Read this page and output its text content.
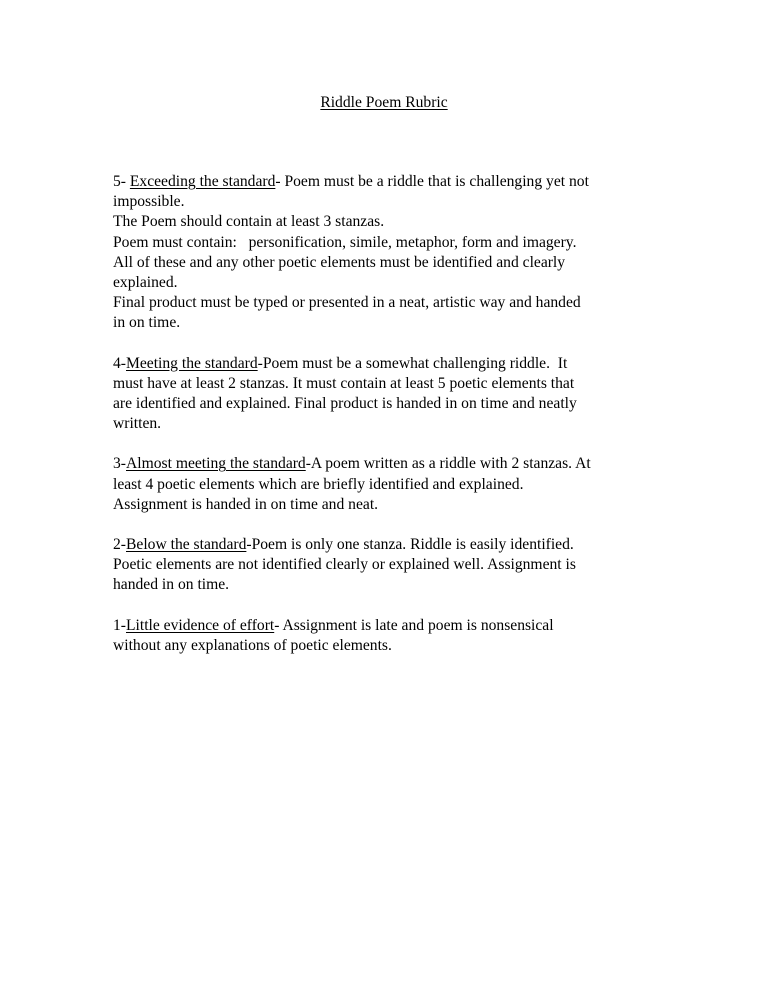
Riddle Poem Rubric

5- Exceeding the standard- Poem must be a riddle that is challenging yet not

impossible.

The Poem should contain at least 3 stanzas.

Poem must contain:   personification, simile, metaphor, form and imagery.

All of these and any other poetic elements must be identified and clearly

explained.

Final product must be typed or presented in a neat, artistic way and handed

in on time.

4-Meeting the standard-Poem must be a somewhat challenging riddle.  It

must have at least 2 stanzas. It must contain at least 5 poetic elements that

are identified and explained. Final product is handed in on time and neatly

written.

3-Almost meeting the standard-A poem written as a riddle with 2 stanzas. At

least 4 poetic elements which are briefly identified and explained.

Assignment is handed in on time and neat.

2-Below the standard-Poem is only one stanza. Riddle is easily identified.

Poetic elements are not identified clearly or explained well. Assignment is

handed in on time.

1-Little evidence of effort- Assignment is late and poem is nonsensical

without any explanations of poetic elements.
